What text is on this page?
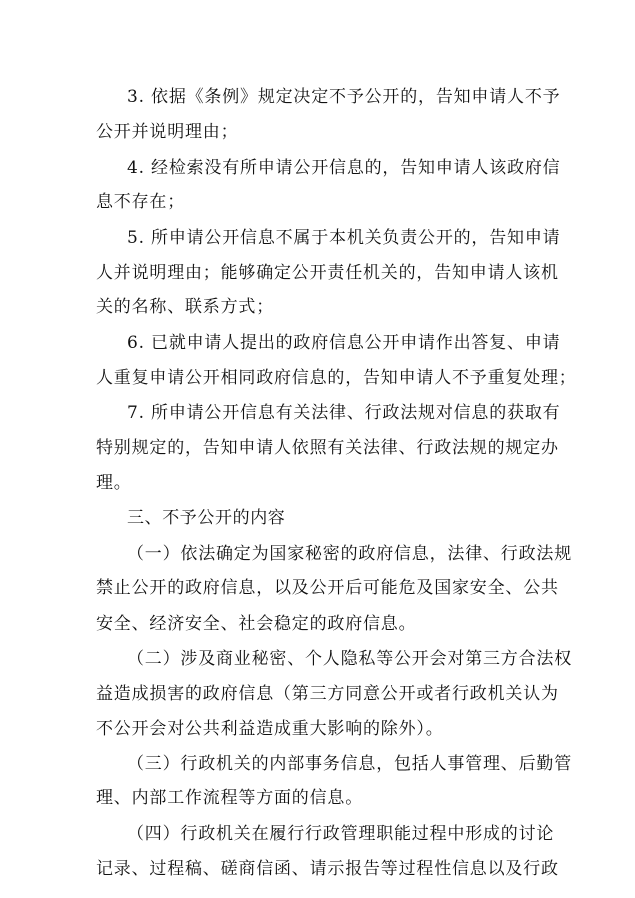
3. 依据《条例》规定决定不予公开的，告知申请人不予
公开并说明理由；
4. 经检索没有所申请公开信息的，告知申请人该政府信
息不存在；
5. 所申请公开信息不属于本机关负责公开的，告知申请
人并说明理由；能够确定公开责任机关的，告知申请人该机
关的名称、联系方式；
6. 已就申请人提出的政府信息公开申请作出答复、申请
人重复申请公开相同政府信息的，告知申请人不予重复处理；
7. 所申请公开信息有关法律、行政法规对信息的获取有
特别规定的，告知申请人依照有关法律、行政法规的规定办
理。
三、不予公开的内容
（一）依法确定为国家秘密的政府信息，法律、行政法规
禁止公开的政府信息，以及公开后可能危及国家安全、公共
安全、经济安全、社会稳定的政府信息。
（二）涉及商业秘密、个人隐私等公开会对第三方合法权
益造成损害的政府信息（第三方同意公开或者行政机关认为
不公开会对公共利益造成重大影响的除外）。
（三）行政机关的内部事务信息，包括人事管理、后勤管
理、内部工作流程等方面的信息。
（四）行政机关在履行行政管理职能过程中形成的讨论
记录、过程稿、磋商信函、请示报告等过程性信息以及行政
